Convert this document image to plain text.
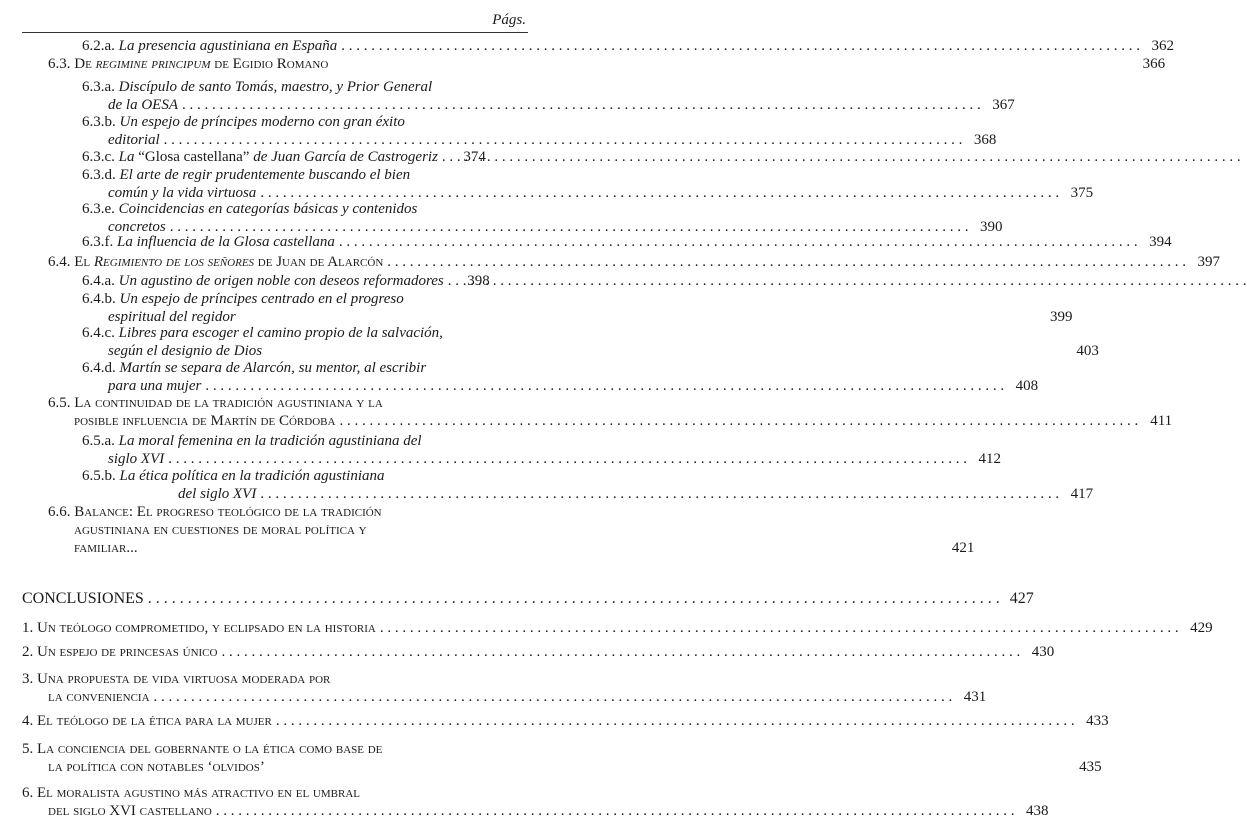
Págs.
6.2.a. La presencia agustiniana en España . . .	362
6.3. De regimine principum de Egidio Romano	366
6.3.a. Discípulo de santo Tomás, maestro, y Prior General
de la OESA . . .	367
6.3.b. Un espejo de príncipes moderno con gran éxito
editorial . . .	368
6.3.c. La “Glosa castellana” de Juan García de Castrogeriz . . .	374
6.3.d. El arte de regir prudentemente buscando el bien
común y la vida virtuosa . . .	375
6.3.e. Coincidencias en categorías básicas y contenidos
concretos . . .	390
6.3.f. La influencia de la Glosa castellana . . .	394
6.4. El Regimiento de los señores de Juan de Alarcón . . .	397
6.4.a. Un agustino de origen noble con deseos reformadores . . .	398
6.4.b. Un espejo de príncipes centrado en el progreso
espiritual del regidor	399
6.4.c. Libres para escoger el camino propio de la salvación,
según el designio de Dios	403
6.4.d. Martín se separa de Alarcón, su mentor, al escribir
para una mujer . . .	408
6.5. La continuidad de la tradición agustiniana y la
posible influencia de Martín de Córdoba . . .	411
6.5.a. La moral femenina en la tradición agustiniana del
siglo XVI . . .	412
6.5.b. La ética política en la tradición agustiniana
del siglo XVI . . .	417
6.6. Balance: El progreso teológico de la tradición
agustiniana en cuestiones de moral política y
familiar...	421
CONCLUSIONES . . .	427
1. Un teólogo comprometido, y eclipsado en la historia . . .	429
2. Un espejo de princesas único . . .	430
3. Una propuesta de vida virtuosa moderada por
la conveniencia . . .	431
4. El teólogo de la ética para la mujer . . .	433
5. La conciencia del gobernante o la ética como base de
la política con notables ‘olvidos’	435
6. El moralista agustino más atractivo en el umbral
del siglo XVI castellano . . .	438
